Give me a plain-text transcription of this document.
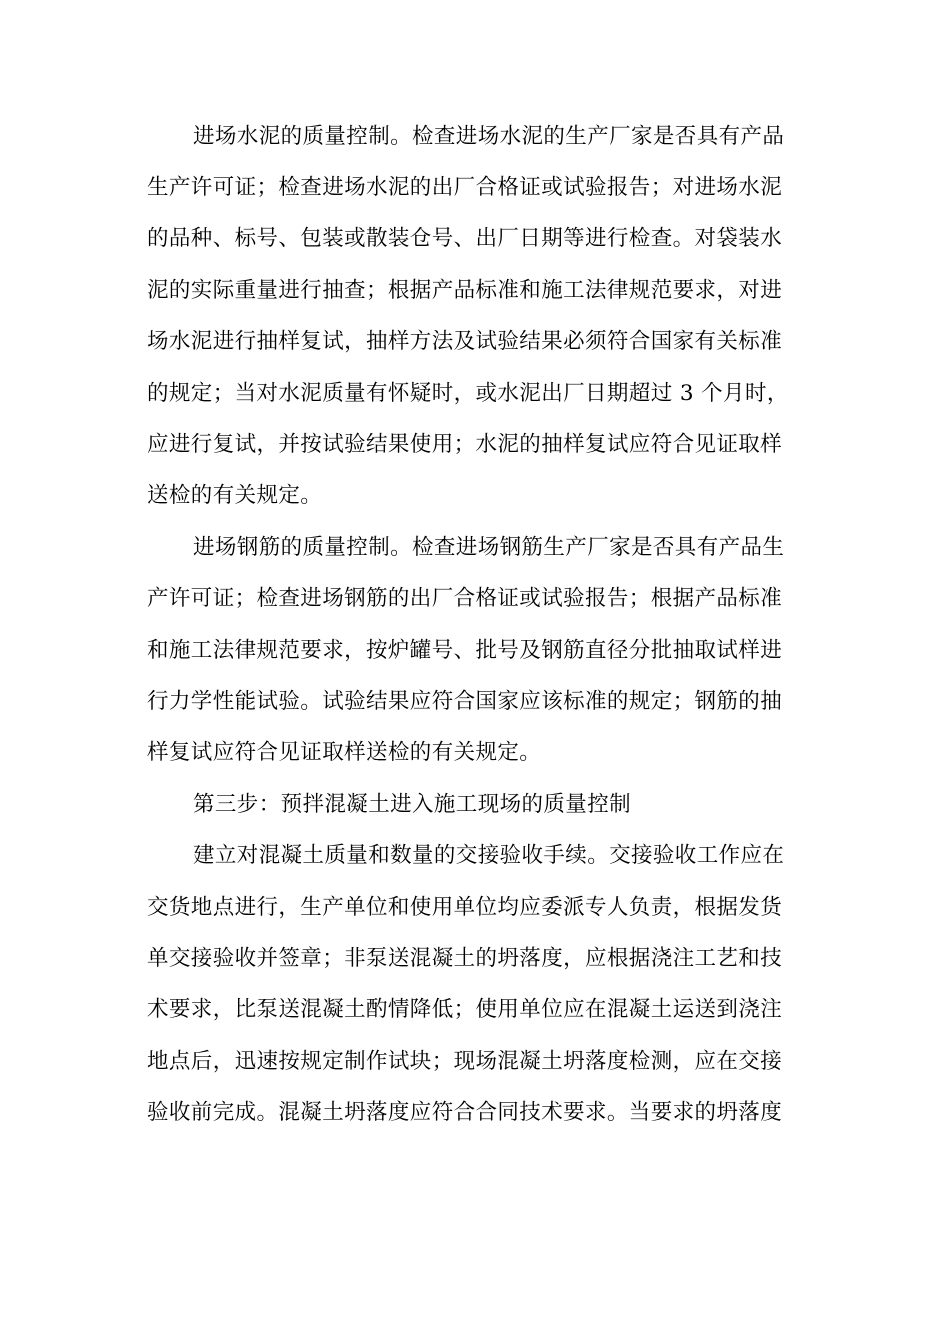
进场水泥的质量控制。检查进场水泥的生产厂家是否具有产品
生产许可证；检查进场水泥的出厂合格证或试验报告；对进场水泥
的品种、标号、包装或散装仓号、出厂日期等进行检查。对袋装水
泥的实际重量进行抽查；根据产品标准和施工法律规范要求，对进
场水泥进行抽样复试，抽样方法及试验结果必须符合国家有关标准
的规定；当对水泥质量有怀疑时，或水泥出厂日期超过 3 个月时，
应进行复试，并按试验结果使用；水泥的抽样复试应符合见证取样
送检的有关规定。
进场钢筋的质量控制。检查进场钢筋生产厂家是否具有产品生
产许可证；检查进场钢筋的出厂合格证或试验报告；根据产品标准
和施工法律规范要求，按炉罐号、批号及钢筋直径分批抽取试样进
行力学性能试验。试验结果应符合国家应该标准的规定；钢筋的抽
样复试应符合见证取样送检的有关规定。
第三步：预拌混凝土进入施工现场的质量控制
建立对混凝土质量和数量的交接验收手续。交接验收工作应在
交货地点进行，生产单位和使用单位均应委派专人负责，根据发货
单交接验收并签章；非泵送混凝土的坍落度，应根据浇注工艺和技
术要求，比泵送混凝土酌情降低；使用单位应在混凝土运送到浇注
地点后，迅速按规定制作试块；现场混凝土坍落度检测，应在交接
验收前完成。混凝土坍落度应符合合同技术要求。当要求的坍落度
